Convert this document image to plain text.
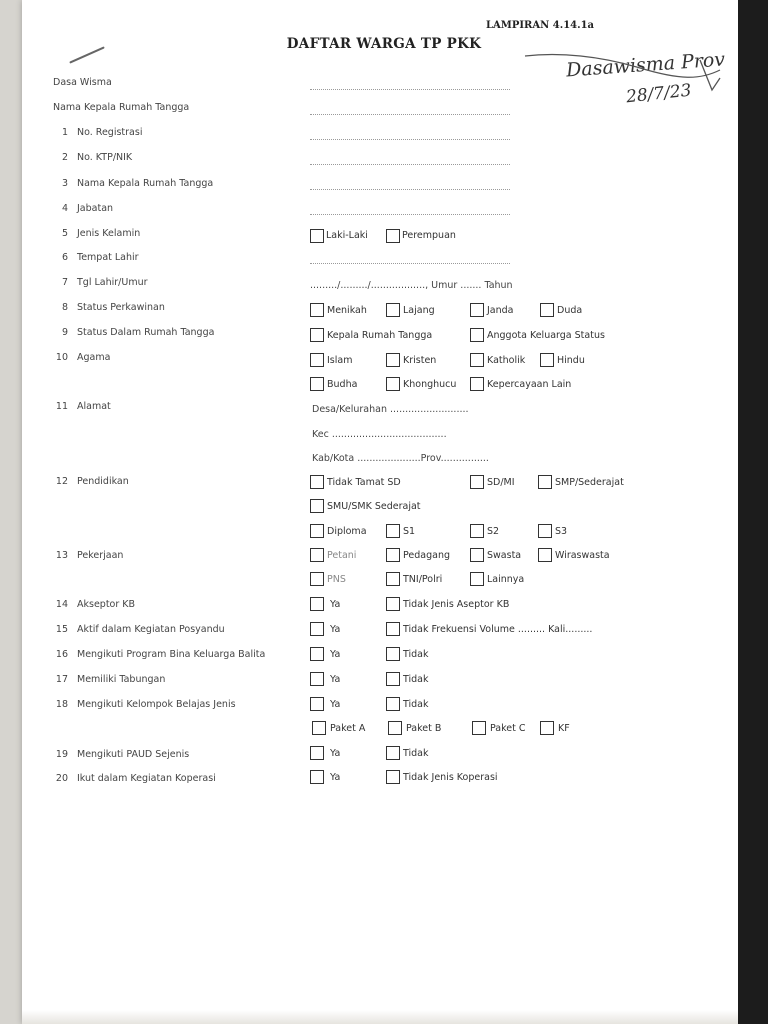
LAMPIRAN 4.14.1a
DAFTAR WARGA TP PKK
Dasawisma Prov
28/7/23
Dasa Wisma
Nama Kepala Rumah Tangga
1 No. Registrasi
2 No. KTP/NIK
3 Nama Kepala Rumah Tangga
4 Jabatan
5 Jenis Kelamin	Laki-Laki	Perempuan
6 Tempat Lahir
7 Tgl Lahir/Umur	........./........./.................., Umur ....... Tahun
8 Status Perkawinan	Menikah	Lajang	Janda	Duda
9 Status Dalam Rumah Tangga	Kepala Rumah Tangga	Anggota Keluarga Status
10 Agama	Islam	Kristen	Katholik	Hindu
Budha	Khonghucu	Kepercayaan Lain
11 Alamat	Desa/Kelurahan ..........................
Kec ......................................
Kab/Kota .....................Prov................
12 Pendidikan	Tidak Tamat SD	SD/MI	SMP/Sederajat
SMU/SMK Sederajat
Diploma	S1	S2	S3
13 Pekerjaan	Petani	Pedagang	Swasta	Wiraswasta
PNS	TNI/Polri	Lainnya
14 Akseptor KB	Ya	Tidak Jenis Aseptor KB
15 Aktif dalam Kegiatan Posyandu	Ya	Tidak Frekuensi Volume ......... Kali.........
16 Mengikuti Program Bina Keluarga Balita	Ya	Tidak
17 Memiliki Tabungan	Ya	Tidak
18 Mengikuti Kelompok Belajas Jenis	Ya	Tidak
Paket A	Paket B	Paket C	KF
19 Mengikuti PAUD Sejenis	Ya	Tidak
20 Ikut dalam Kegiatan Koperasi	Ya	Tidak Jenis Koperasi
